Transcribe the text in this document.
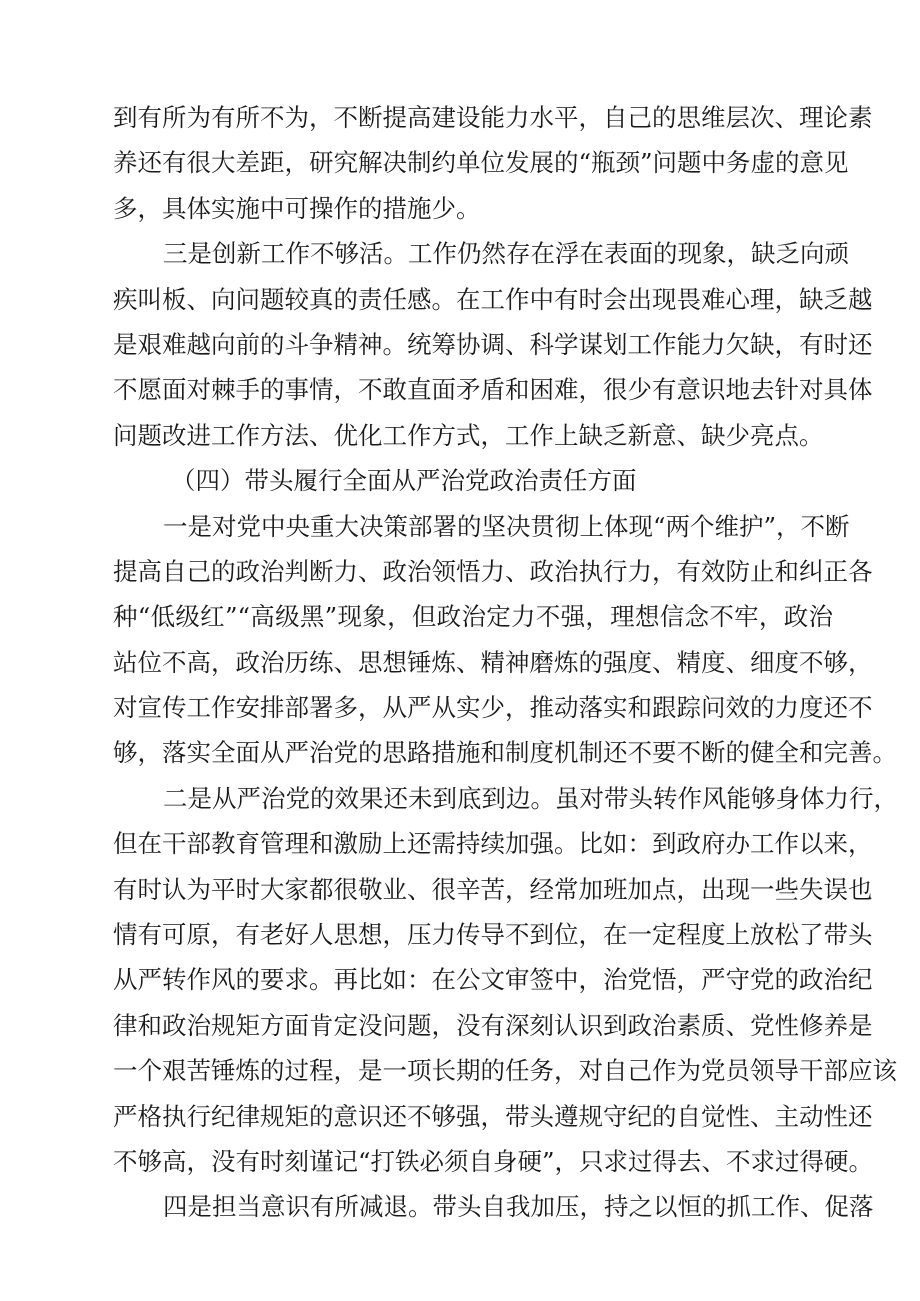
到有所为有所不为，不断提高建设能力水平，自己的思维层次、理论素
养还有很大差距，研究解决制约单位发展的“瓶颈”问题中务虚的意见
多，具体实施中可操作的措施少。
三是创新工作不够活。工作仍然存在浮在表面的现象，缺乏向顽
疾叫板、向问题较真的责任感。在工作中有时会出现畏难心理，缺乏越
是艰难越向前的斗争精神。统筹协调、科学谋划工作能力欠缺，有时还
不愿面对棘手的事情，不敢直面矛盾和困难，很少有意识地去针对具体
问题改进工作方法、优化工作方式，工作上缺乏新意、缺少亮点。
（四）带头履行全面从严治党政治责任方面
一是对党中央重大决策部署的坚决贯彻上体现“两个维护”，不断
提高自己的政治判断力、政治领悟力、政治执行力，有效防止和纠正各
种“低级红”“高级黑”现象，但政治定力不强，理想信念不牢，政治
站位不高，政治历练、思想锤炼、精神磨炼的强度、精度、细度不够，
对宣传工作安排部署多，从严从实少，推动落实和跟踪问效的力度还不
够，落实全面从严治党的思路措施和制度机制还不要不断的健全和完善。
二是从严治党的效果还未到底到边。虽对带头转作风能够身体力行，
但在干部教育管理和激励上还需持续加强。比如：到政府办工作以来，
有时认为平时大家都很敬业、很辛苦，经常加班加点，出现一些失误也
情有可原，有老好人思想，压力传导不到位，在一定程度上放松了带头
从严转作风的要求。再比如：在公文审签中，治党悟，严守党的政治纪
律和政治规矩方面肯定没问题，没有深刻认识到政治素质、党性修养是
一个艰苦锤炼的过程，是一项长期的任务，对自己作为党员领导干部应该
严格执行纪律规矩的意识还不够强，带头遵规守纪的自觉性、主动性还
不够高，没有时刻谨记“打铁必须自身硬”，只求过得去、不求过得硬。
四是担当意识有所减退。带头自我加压，持之以恒的抓工作、促落
